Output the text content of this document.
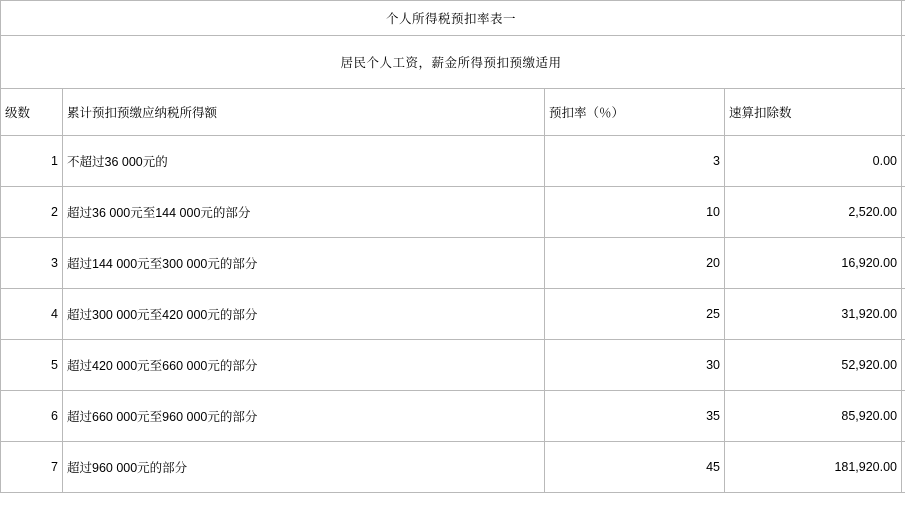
个人所得税预扣率表一				
居民个人工资，薪金所得预扣预缴适用				
级数	累计预扣预缴应纳税所得额	预扣率（％）	速算扣除数	
1	不超过36 000元的	3	0.00	
2	超过36 000元至144 000元的部分	10	2,520.00	
3	超过144 000元至300 000元的部分	20	16,920.00	
4	超过300 000元至420 000元的部分	25	31,920.00	
5	超过420 000元至660 000元的部分	30	52,920.00	
6	超过660 000元至960 000元的部分	35	85,920.00	
7	超过960 000元的部分	45	181,920.00	
